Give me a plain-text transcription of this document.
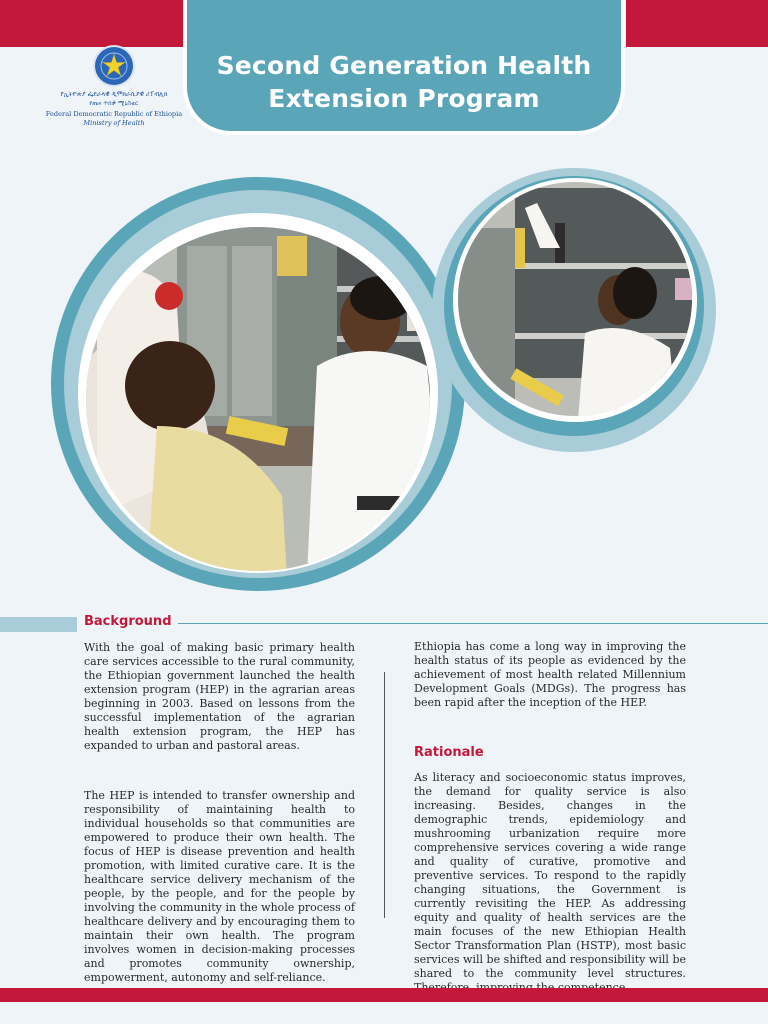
Second Generation Health
Extension Program
የኢትዮጵያ ፌደራላዊ ዲሞክራሲያዊ ሪፐብሊክ
የጤና ጥበቃ ሚኒስቴር
Federal Democratic Republic of Ethiopia
Ministry of Health
Background
With the goal of making basic primary health care services accessible to the rural community, the Ethiopian government launched the health extension program (HEP) in the agrarian areas beginning in 2003. Based on lessons from the successful implementation of the agrarian health extension program, the HEP has expanded to urban and pastoral areas.
The HEP is intended to transfer ownership and responsibility of maintaining health to individual households so that communities are empowered to produce their own health. The focus of HEP is disease prevention and health promotion, with limited curative care. It is the healthcare service delivery mechanism of the people, by the people, and for the people by involving the community in the whole process of healthcare delivery and by encouraging them to maintain their own health. The program involves women in decision-making processes and promotes community ownership, empowerment, autonomy and self-reliance.
Ethiopia has come a long way in improving the health status of its people as evidenced by the achievement of most health related Millennium Development Goals (MDGs). The progress has been rapid after the inception of the HEP.
Rationale
As literacy and socioeconomic status improves, the demand for quality service is also increasing. Besides, changes in the demographic trends, epidemiology and mushrooming urbanization require more comprehensive services covering a wide range and quality of curative, promotive and preventive services. To respond to the rapidly changing situations, the Government is currently revisiting the HEP. As addressing equity and quality of health services are the main focuses of the new Ethiopian Health Sector Transformation Plan (HSTP), most basic services will be shifted and responsibility will be shared to the community level structures.
